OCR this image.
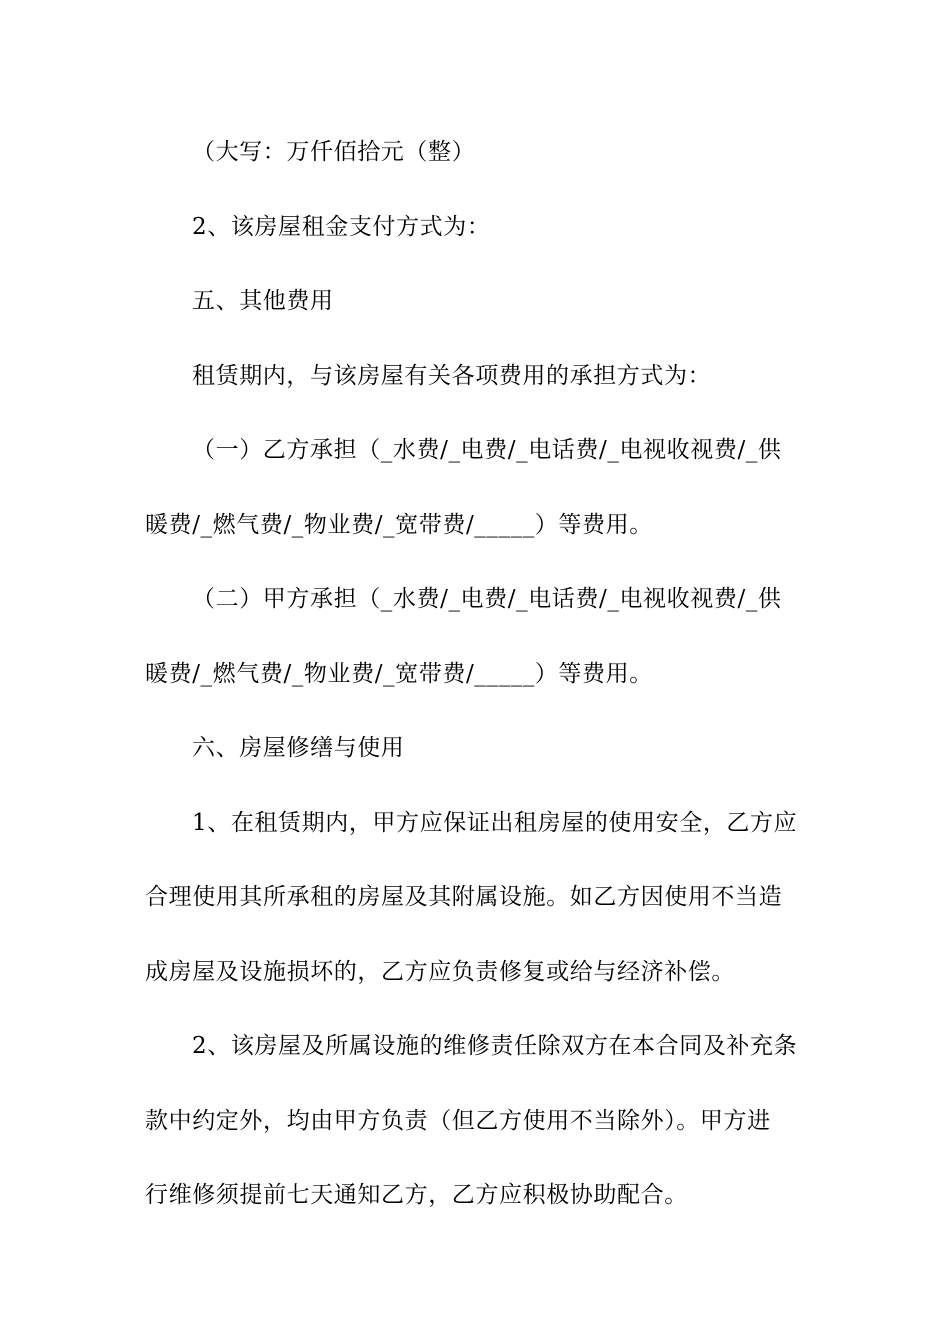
（大写：万仟佰拾元（整）
2、该房屋租金支付方式为：
五、其他费用
租赁期内，与该房屋有关各项费用的承担方式为：
（一）乙方承担（_水费/_电费/_电话费/_电视收视费/_供
暖费/_燃气费/_物业费/_宽带费/_____）等费用。
（二）甲方承担（_水费/_电费/_电话费/_电视收视费/_供
暖费/_燃气费/_物业费/_宽带费/_____）等费用。
六、房屋修缮与使用
1、在租赁期内，甲方应保证出租房屋的使用安全，乙方应
合理使用其所承租的房屋及其附属设施。如乙方因使用不当造
成房屋及设施损坏的，乙方应负责修复或给与经济补偿。
2、该房屋及所属设施的维修责任除双方在本合同及补充条
款中约定外，均由甲方负责（但乙方使用不当除外）。甲方进
行维修须提前七天通知乙方，乙方应积极协助配合。
